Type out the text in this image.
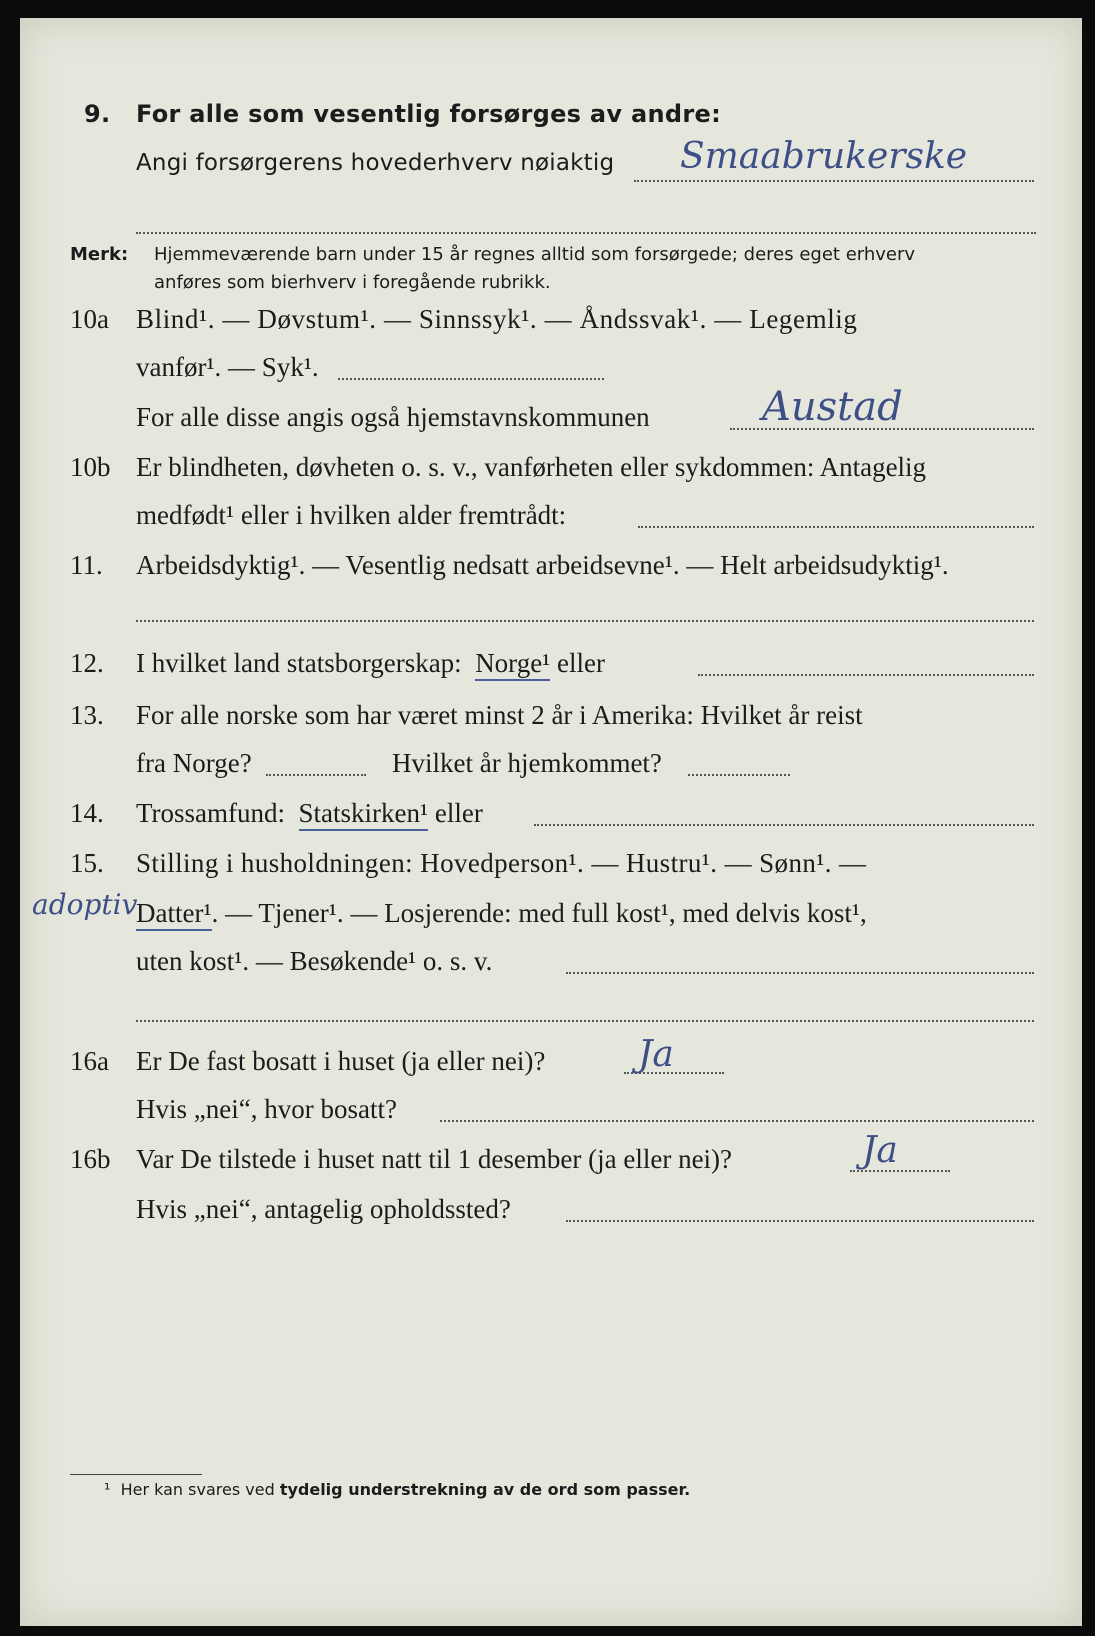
9. For alle som vesentlig forsørges av andre:
Angi forsørgerens hovederhverv nøiaktig Smaabrukerske
Merk: Hjemmeværende barn under 15 år regnes alltid som forsørgede; deres eget erhverv
anføres som bierhverv i foregående rubrikk.
10a Blind¹. — Døvstum¹. — Sinnssyk¹. — Åndssvak¹. — Legemlig
vanfør¹. — Syk¹.
For alle disse angis også hjemstavnskommunen	Austad
10b Er blindheten, døvheten o. s. v., vanførheten eller sykdommen: Antagelig
medfødt¹ eller i hvilken alder fremtrådt:
11. Arbeidsdyktig¹. — Vesentlig nedsatt arbeidsevne¹. — Helt arbeidsudyktig¹.
12. I hvilket land statsborgerskap: Norge¹ eller
13. For alle norske som har været minst 2 år i Amerika: Hvilket år reist
fra Norge?	Hvilket år hjemkommet?
14. Trossamfund: Statskirken¹ eller
15. Stilling i husholdningen: Hovedperson¹. — Hustru¹. — Sønn¹. —
adoptiv
Datter¹. — Tjener¹. — Losjerende: med full kost¹, med delvis kost¹,
uten kost¹. — Besøkende¹ o. s. v.
16a Er De fast bosatt i huset (ja eller nei)?	Ja
Hvis „nei“, hvor bosatt?
16b Var De tilstede i huset natt til 1 desember (ja eller nei)?	Ja
Hvis „nei“, antagelig opholdssted?
¹ Her kan svares ved tydelig understrekning av de ord som passer.
